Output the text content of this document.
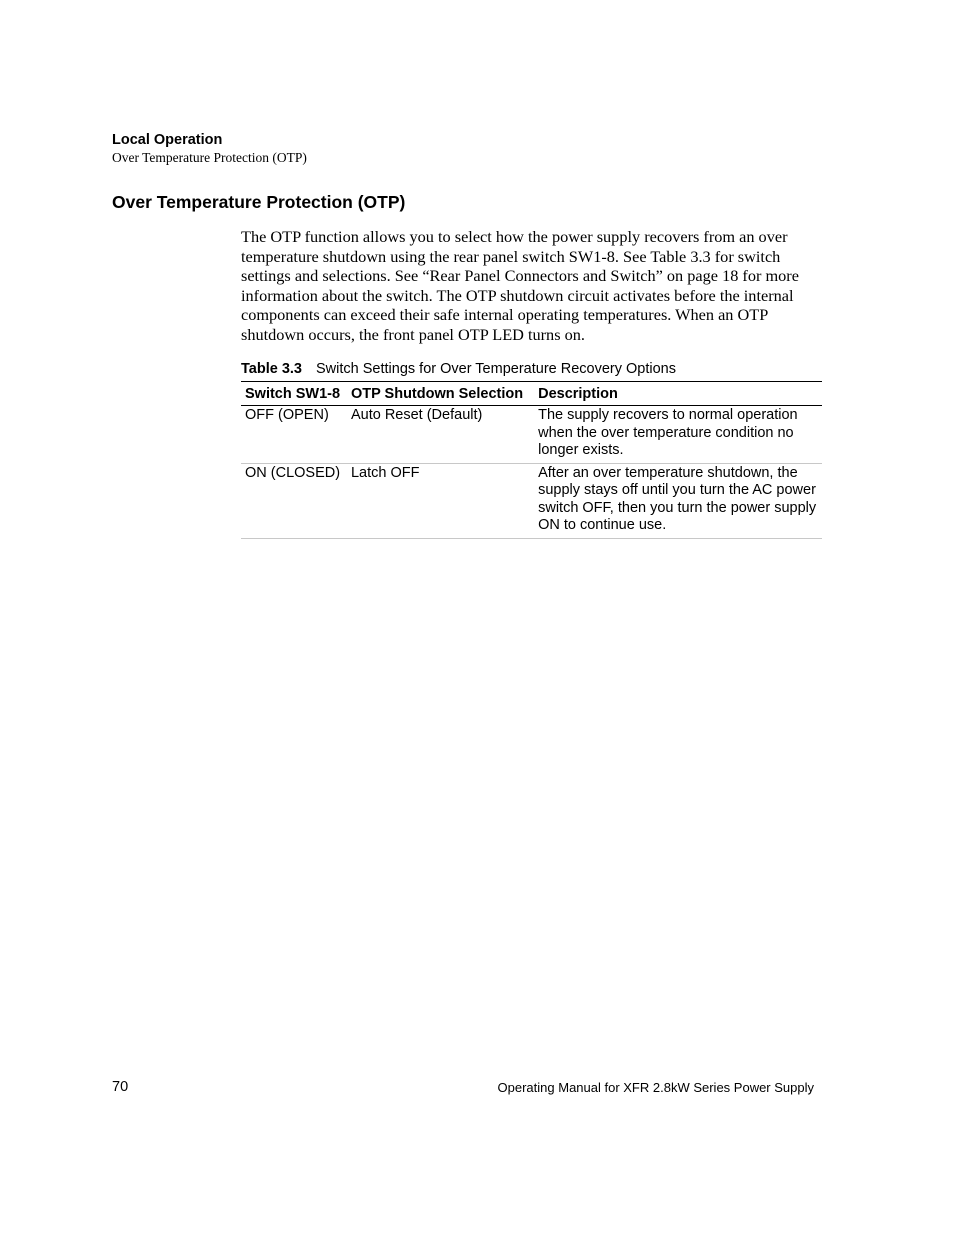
Local Operation
Over Temperature Protection (OTP)
Over Temperature Protection (OTP)

The OTP function allows you to select how the power supply recovers from an over temperature shutdown using the rear panel switch SW1-8. See Table 3.3 for switch settings and selections. See “Rear Panel Connectors and Switch” on page 18 for more information about the switch. The OTP shutdown circuit activates before the internal components can exceed their safe internal operating temperatures. When an OTP shutdown occurs, the front panel OTP LED turns on.

Table 3.3 Switch Settings for Over Temperature Recovery Options
Switch SW1-8	OTP Shutdown Selection	Description
OFF (OPEN)	Auto Reset (Default)	The supply recovers to normal operation when the over temperature condition no longer exists.
ON (CLOSED)	Latch OFF	After an over temperature shutdown, the supply stays off until you turn the AC power switch OFF, then you turn the power supply ON to continue use.
70	Operating Manual for XFR 2.8kW Series Power Supply
